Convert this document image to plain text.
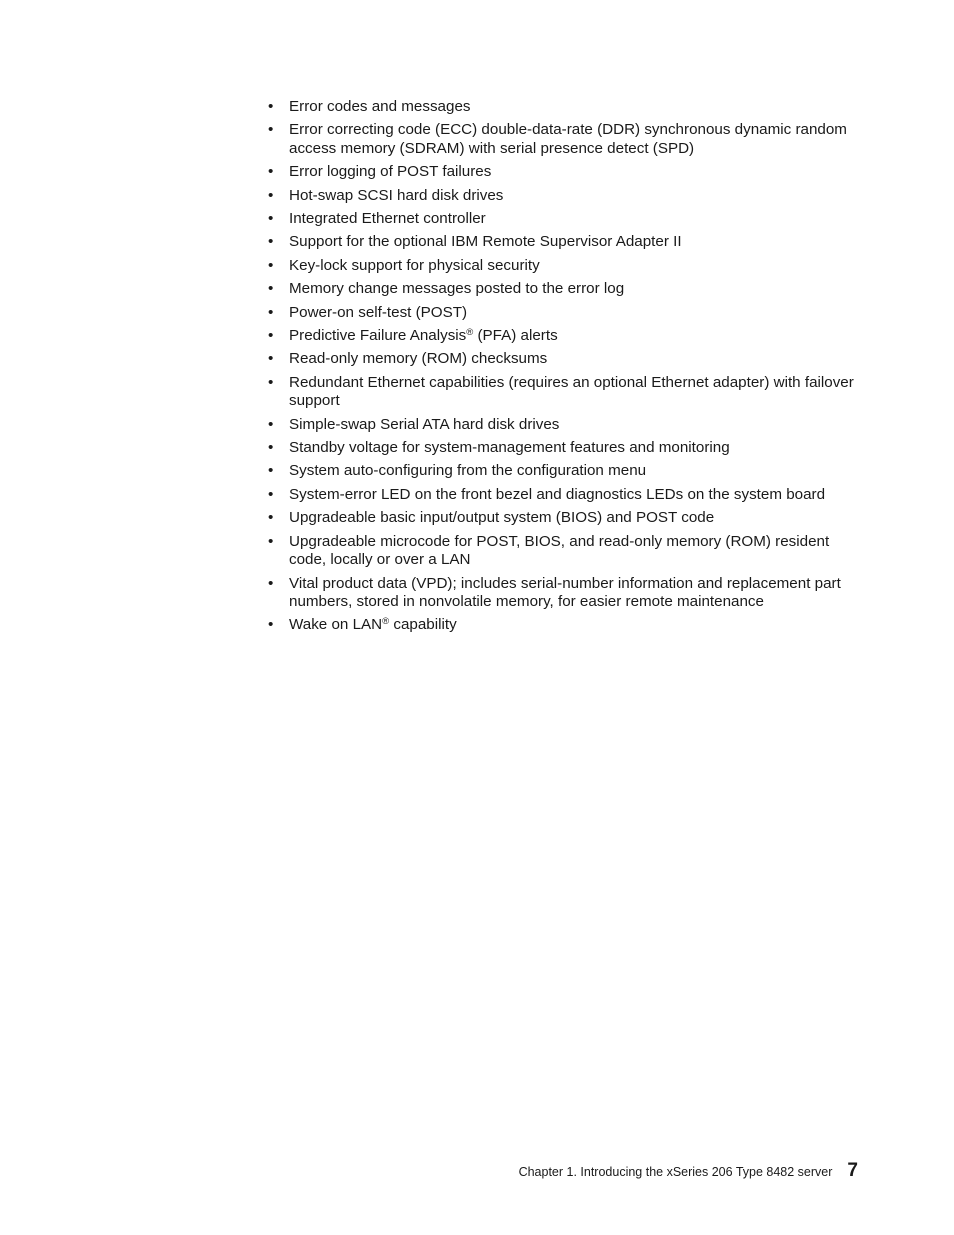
•	Error codes and messages
•	Error correcting code (ECC) double-data-rate (DDR) synchronous dynamic random access memory (SDRAM) with serial presence detect (SPD)
•	Error logging of POST failures
•	Hot-swap SCSI hard disk drives
•	Integrated Ethernet controller
•	Support for the optional IBM Remote Supervisor Adapter II
•	Key-lock support for physical security
•	Memory change messages posted to the error log
•	Power-on self-test (POST)
•	Predictive Failure Analysis® (PFA) alerts
•	Read-only memory (ROM) checksums
•	Redundant Ethernet capabilities (requires an optional Ethernet adapter) with failover support
•	Simple-swap Serial ATA hard disk drives
•	Standby voltage for system-management features and monitoring
•	System auto-configuring from the configuration menu
•	System-error LED on the front bezel and diagnostics LEDs on the system board
•	Upgradeable basic input/output system (BIOS) and POST code
•	Upgradeable microcode for POST, BIOS, and read-only memory (ROM) resident code, locally or over a LAN
•	Vital product data (VPD); includes serial-number information and replacement part numbers, stored in nonvolatile memory, for easier remote maintenance
•	Wake on LAN® capability
Chapter 1. Introducing the xSeries 206 Type 8482 server 7
